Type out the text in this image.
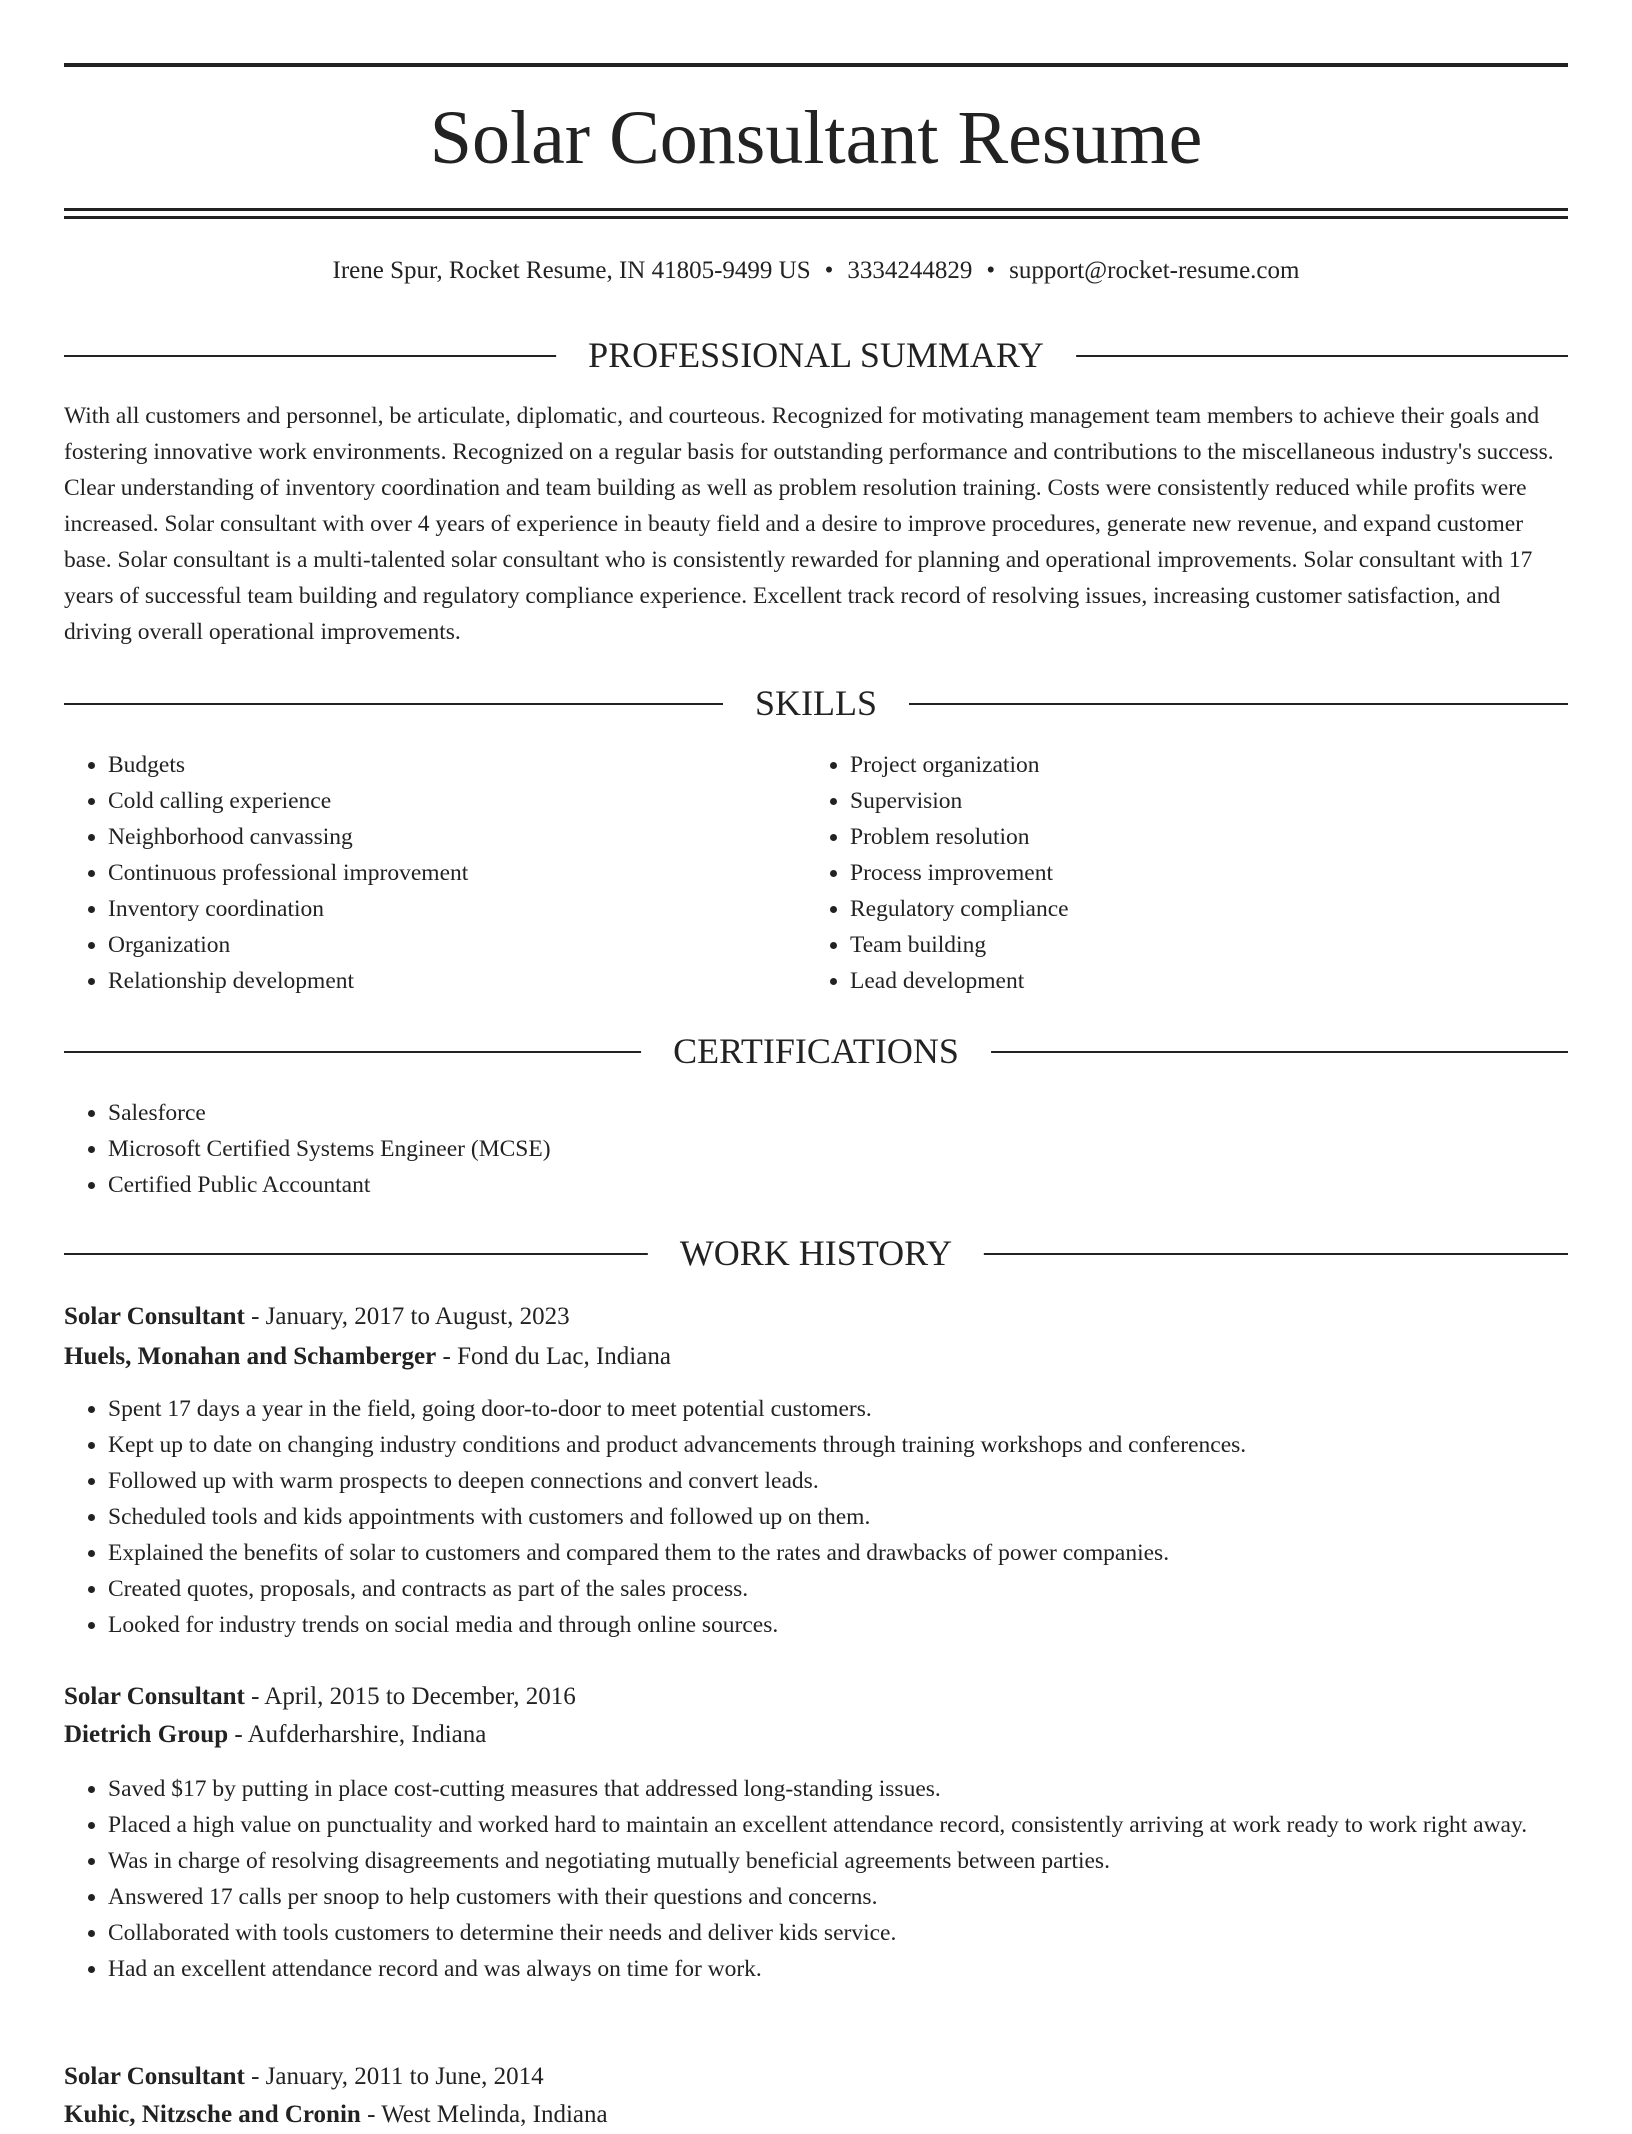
Solar Consultant Resume
Irene Spur, Rocket Resume, IN 41805-9499 US • 3334244829 • support@rocket-resume.com
PROFESSIONAL SUMMARY

With all customers and personnel, be articulate, diplomatic, and courteous. Recognized for motivating management team members to achieve their goals and fostering innovative work environments. Recognized on a regular basis for outstanding performance and contributions to the miscellaneous industry's success. Clear understanding of inventory coordination and team building as well as problem resolution training. Costs were consistently reduced while profits were increased. Solar consultant with over 4 years of experience in beauty field and a desire to improve procedures, generate new revenue, and expand customer base. Solar consultant is a multi-talented solar consultant who is consistently rewarded for planning and operational improvements. Solar consultant with 17 years of successful team building and regulatory compliance experience. Excellent track record of resolving issues, increasing customer satisfaction, and driving overall operational improvements.

SKILLS
• Budgets
• Cold calling experience
• Neighborhood canvassing
• Continuous professional improvement
• Inventory coordination
• Organization
• Relationship development
• Project organization
• Supervision
• Problem resolution
• Process improvement
• Regulatory compliance
• Team building
• Lead development
CERTIFICATIONS
• Salesforce
• Microsoft Certified Systems Engineer (MCSE)
• Certified Public Accountant
WORK HISTORY
Solar Consultant - January, 2017 to August, 2023
Huels, Monahan and Schamberger - Fond du Lac, Indiana
• Spent 17 days a year in the field, going door-to-door to meet potential customers.
• Kept up to date on changing industry conditions and product advancements through training workshops and conferences.
• Followed up with warm prospects to deepen connections and convert leads.
• Scheduled tools and kids appointments with customers and followed up on them.
• Explained the benefits of solar to customers and compared them to the rates and drawbacks of power companies.
• Created quotes, proposals, and contracts as part of the sales process.
• Looked for industry trends on social media and through online sources.
Solar Consultant - April, 2015 to December, 2016
Dietrich Group - Aufderharshire, Indiana
• Saved $17 by putting in place cost-cutting measures that addressed long-standing issues.
• Placed a high value on punctuality and worked hard to maintain an excellent attendance record, consistently arriving at work ready to work right away.
• Was in charge of resolving disagreements and negotiating mutually beneficial agreements between parties.
• Answered 17 calls per snoop to help customers with their questions and concerns.
• Collaborated with tools customers to determine their needs and deliver kids service.
• Had an excellent attendance record and was always on time for work.
Solar Consultant - January, 2011 to June, 2014
Kuhic, Nitzsche and Cronin - West Melinda, Indiana
